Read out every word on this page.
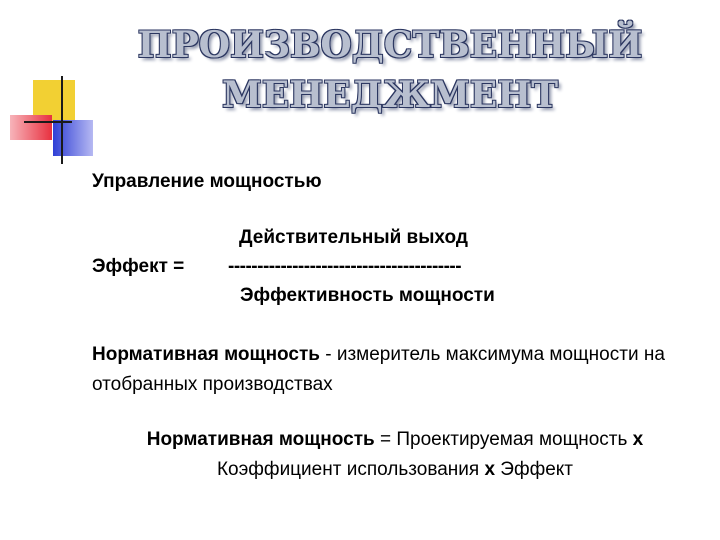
ПРОИЗВОДСТВЕННЫЙ
МЕНЕДЖМЕНТ
Управление мощностью
Действительный выход
Эффект = ----------------------------------------
Эффективность мощности
Нормативная мощность - измеритель максимума мощности на отобранных производствах
Нормативная мощность = Проектируемая мощность x Коэффициент использования x Эффект
